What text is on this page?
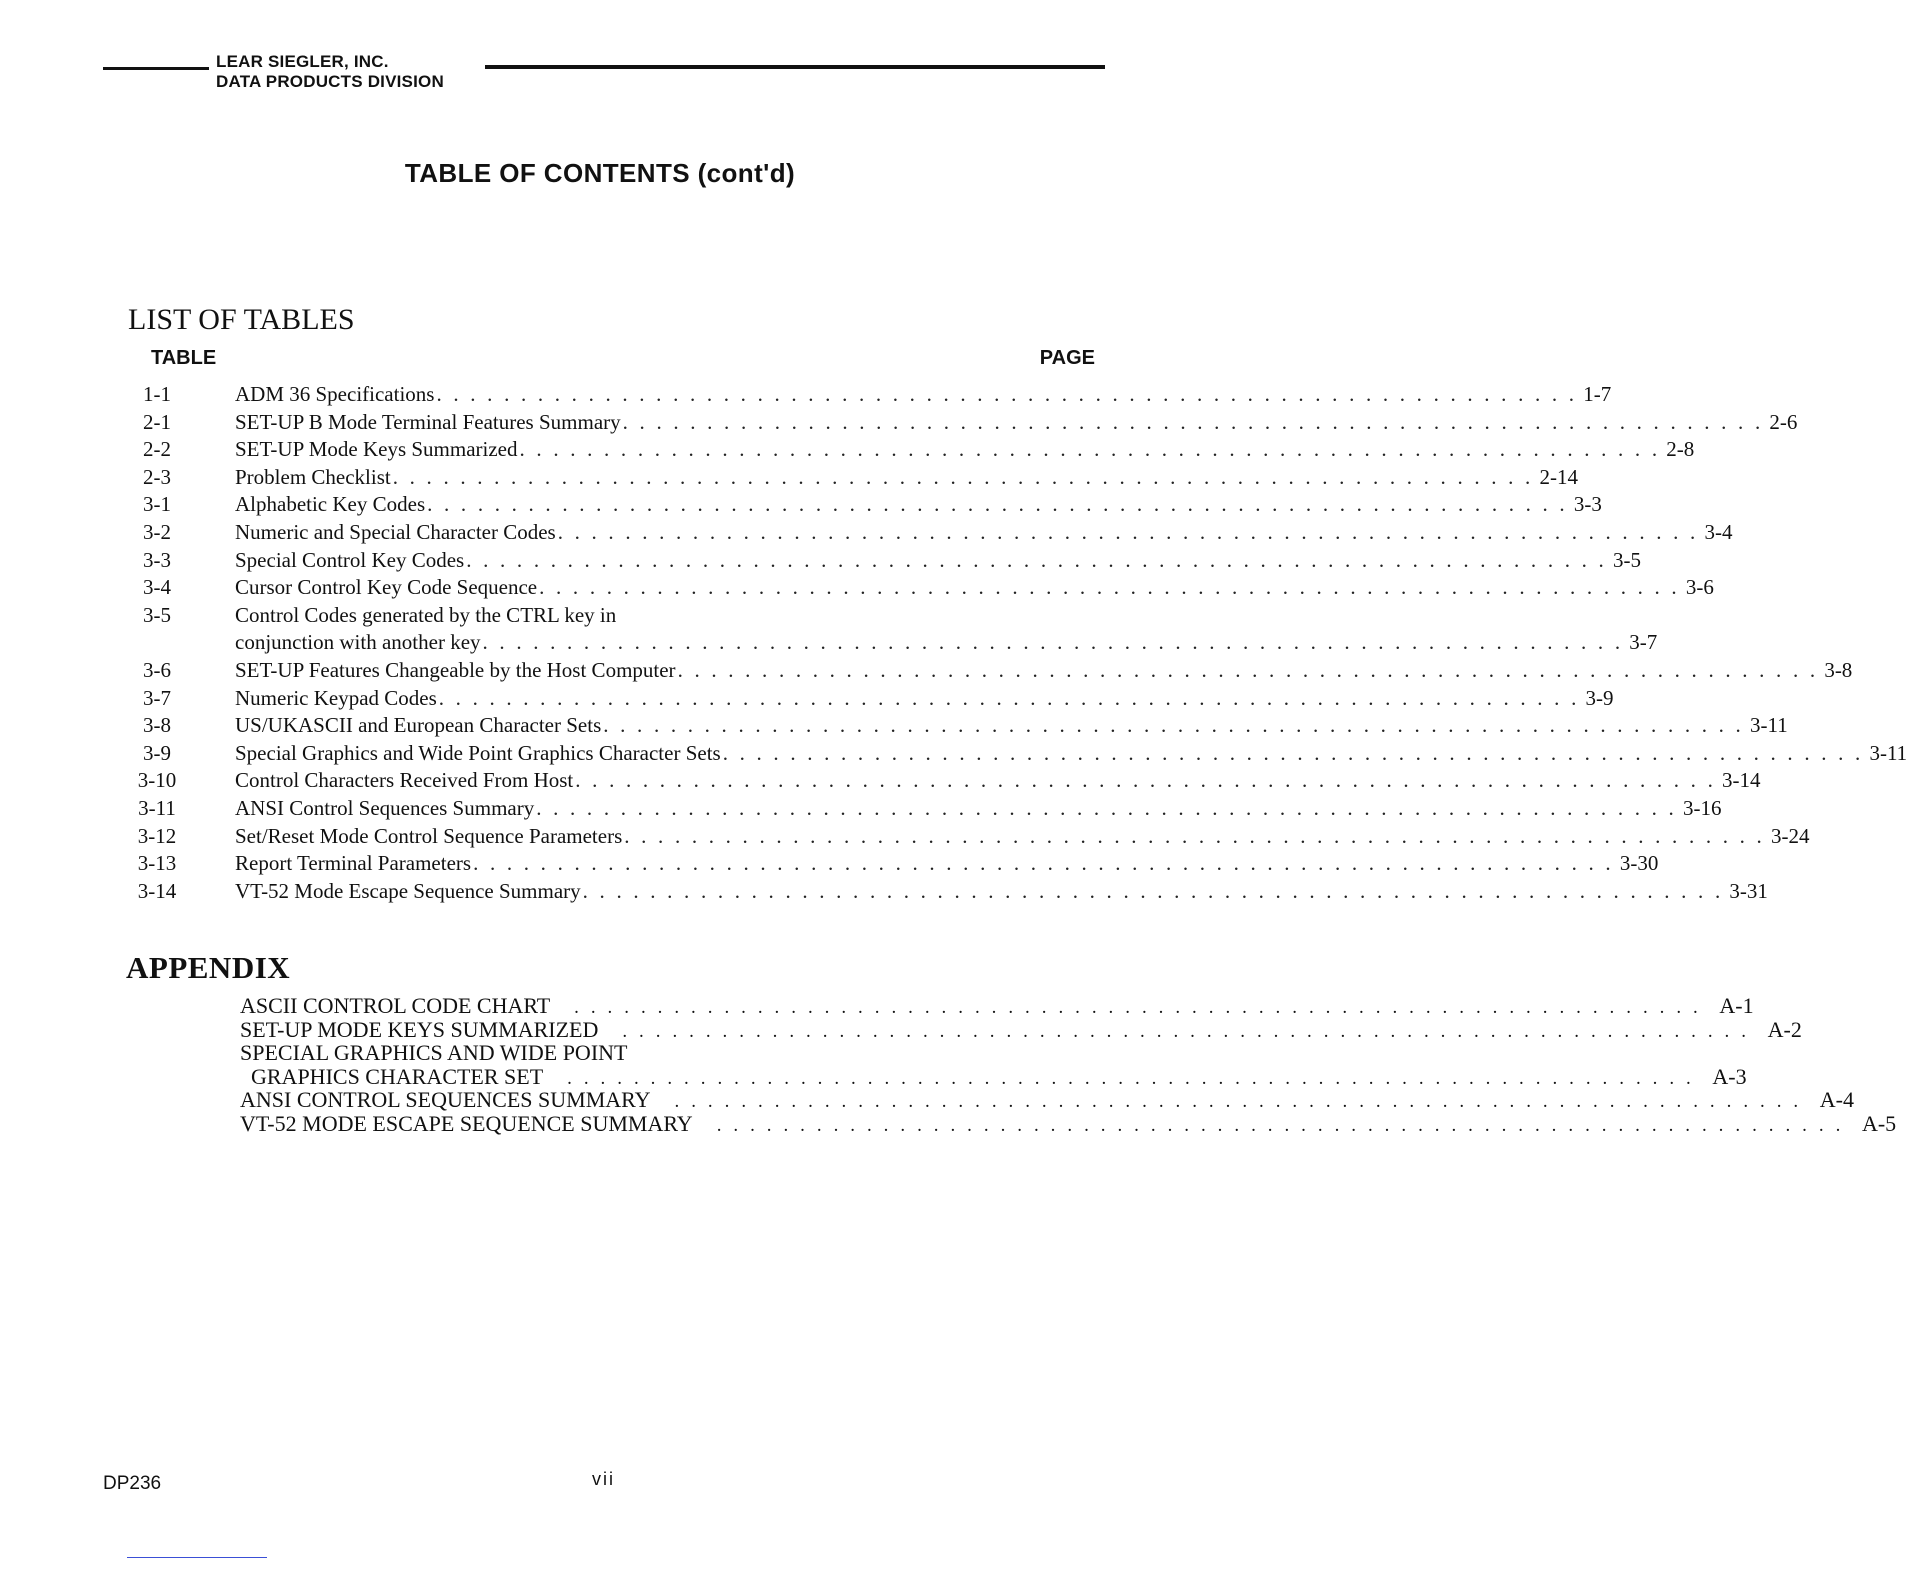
LEAR SIEGLER, INC.
DATA PRODUCTS DIVISION
TABLE OF CONTENTS (cont'd)
LIST OF TABLES
TABLE	PAGE
1-1	ADM 36 Specifications . . . . . . . . . . . . . . . . . . . . . . . . . . . . . . . . . . . . . . . . . . . . . . . . . . . . . . . . . . . . . . . . . . . . 1-7
2-1	SET-UP B Mode Terminal Features Summary . . . . . . . . . . . . . . . . . . . . . . . . . . . . . . . . . . . . . . . . . . . . . . . . . . . . . . . . . . . . . . . . . . . . 2-6
2-2	SET-UP Mode Keys Summarized . . . . . . . . . . . . . . . . . . . . . . . . . . . . . . . . . . . . . . . . . . . . . . . . . . . . . . . . . . . . . . . . . . . . 2-8
2-3	Problem Checklist . . . . . . . . . . . . . . . . . . . . . . . . . . . . . . . . . . . . . . . . . . . . . . . . . . . . . . . . . . . . . . . . . . . . 2-14
3-1	Alphabetic Key Codes . . . . . . . . . . . . . . . . . . . . . . . . . . . . . . . . . . . . . . . . . . . . . . . . . . . . . . . . . . . . . . . . . . . . 3-3
3-2	Numeric and Special Character Codes . . . . . . . . . . . . . . . . . . . . . . . . . . . . . . . . . . . . . . . . . . . . . . . . . . . . . . . . . . . . . . . . . . . . 3-4
3-3	Special Control Key Codes . . . . . . . . . . . . . . . . . . . . . . . . . . . . . . . . . . . . . . . . . . . . . . . . . . . . . . . . . . . . . . . . . . . . 3-5
3-4	Cursor Control Key Code Sequence . . . . . . . . . . . . . . . . . . . . . . . . . . . . . . . . . . . . . . . . . . . . . . . . . . . . . . . . . . . . . . . . . . . . 3-6
3-5	Control Codes generated by the CTRL key in
conjunction with another key . . . . . . . . . . . . . . . . . . . . . . . . . . . . . . . . . . . . . . . . . . . . . . . . . . . . . . . . . . . . . . . . . . . . 3-7
3-6	SET-UP Features Changeable by the Host Computer . . . . . . . . . . . . . . . . . . . . . . . . . . . . . . . . . . . . . . . . . . . . . . . . . . . . . . . . . . . . . . . . . . . . 3-8
3-7	Numeric Keypad Codes . . . . . . . . . . . . . . . . . . . . . . . . . . . . . . . . . . . . . . . . . . . . . . . . . . . . . . . . . . . . . . . . . . . . 3-9
3-8	US/UKASCII and European Character Sets . . . . . . . . . . . . . . . . . . . . . . . . . . . . . . . . . . . . . . . . . . . . . . . . . . . . . . . . . . . . . . . . . . . . 3-11
3-9	Special Graphics and Wide Point Graphics Character Sets . . . . . . . . . . . . . . . . . . . . . . . . . . . . . . . . . . . . . . . . . . . . . . . . . . . . . . . . . . . . . . . . . . . . 3-11
3-10	Control Characters Received From Host . . . . . . . . . . . . . . . . . . . . . . . . . . . . . . . . . . . . . . . . . . . . . . . . . . . . . . . . . . . . . . . . . . . . 3-14
3-11	ANSI Control Sequences Summary . . . . . . . . . . . . . . . . . . . . . . . . . . . . . . . . . . . . . . . . . . . . . . . . . . . . . . . . . . . . . . . . . . . . 3-16
3-12	Set/Reset Mode Control Sequence Parameters . . . . . . . . . . . . . . . . . . . . . . . . . . . . . . . . . . . . . . . . . . . . . . . . . . . . . . . . . . . . . . . . . . . . 3-24
3-13	Report Terminal Parameters . . . . . . . . . . . . . . . . . . . . . . . . . . . . . . . . . . . . . . . . . . . . . . . . . . . . . . . . . . . . . . . . . . . . 3-30
3-14	VT-52 Mode Escape Sequence Summary . . . . . . . . . . . . . . . . . . . . . . . . . . . . . . . . . . . . . . . . . . . . . . . . . . . . . . . . . . . . . . . . . . . . 3-31
APPENDIX
ASCII CONTROL CODE CHART . . . . . . . . . . . . . . . . . . . . . . . . . . . . . . . . . . . . . . . . . . . . . . . . . . . . . . . . . . . . . . . . . . . . A-1
SET-UP MODE KEYS SUMMARIZED . . . . . . . . . . . . . . . . . . . . . . . . . . . . . . . . . . . . . . . . . . . . . . . . . . . . . . . . . . . . . . . . . . . . A-2
SPECIAL GRAPHICS AND WIDE POINT
GRAPHICS CHARACTER SET . . . . . . . . . . . . . . . . . . . . . . . . . . . . . . . . . . . . . . . . . . . . . . . . . . . . . . . . . . . . . . . . . . . . A-3
ANSI CONTROL SEQUENCES SUMMARY . . . . . . . . . . . . . . . . . . . . . . . . . . . . . . . . . . . . . . . . . . . . . . . . . . . . . . . . . . . . . . . . . . . . A-4
VT-52 MODE ESCAPE SEQUENCE SUMMARY . . . . . . . . . . . . . . . . . . . . . . . . . . . . . . . . . . . . . . . . . . . . . . . . . . . . . . . . . . . . . . . . . . . . A-5
DP236	vii
